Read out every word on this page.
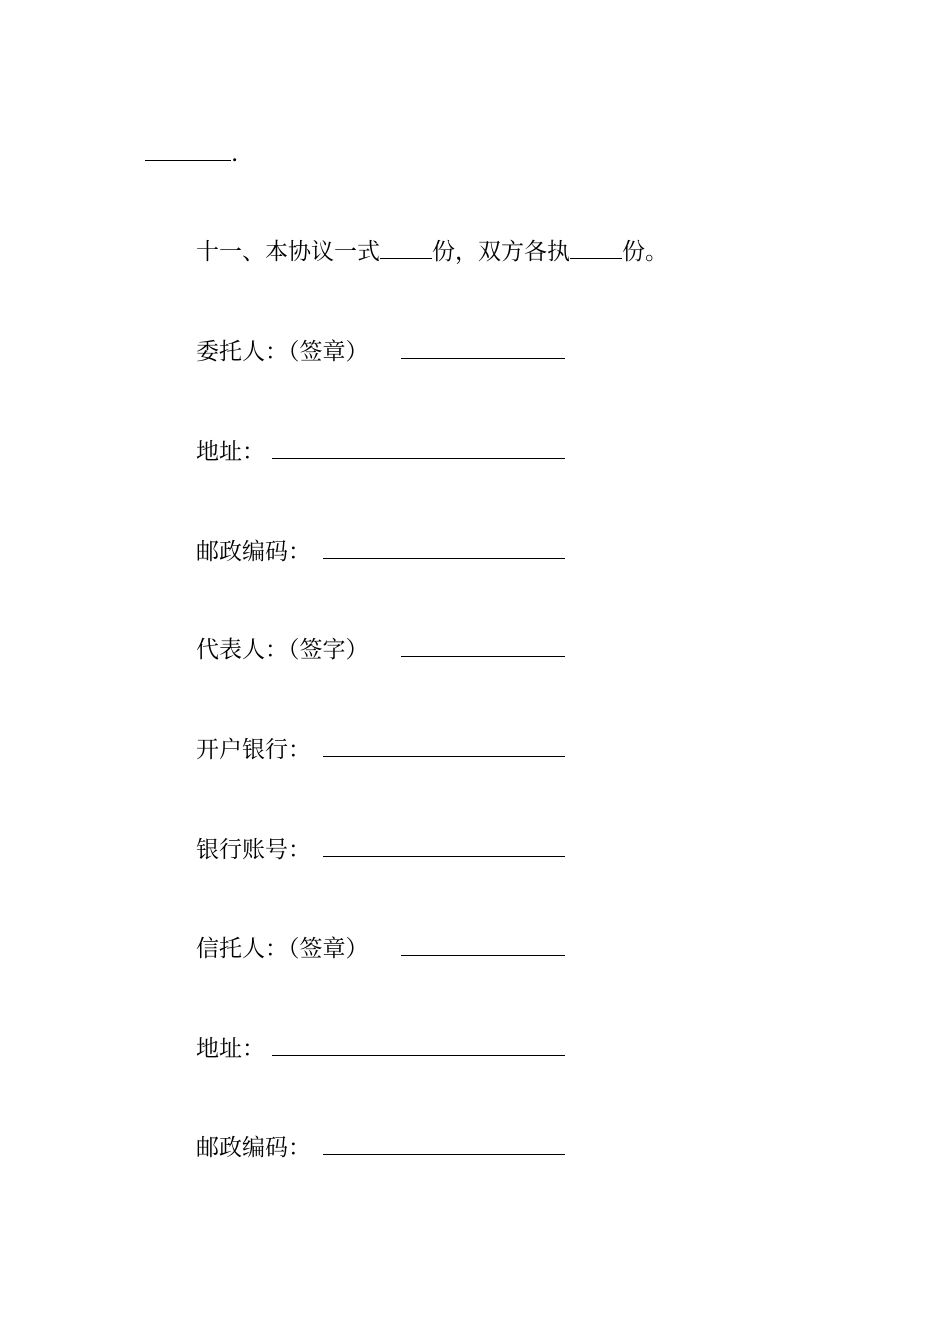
.
十一、本协议一式 份，双方各执 份。
委托人：（签章）
地址：
邮政编码：
代表人：（签字）
开户银行：
银行账号：
信托人：（签章）
地址：
邮政编码：
